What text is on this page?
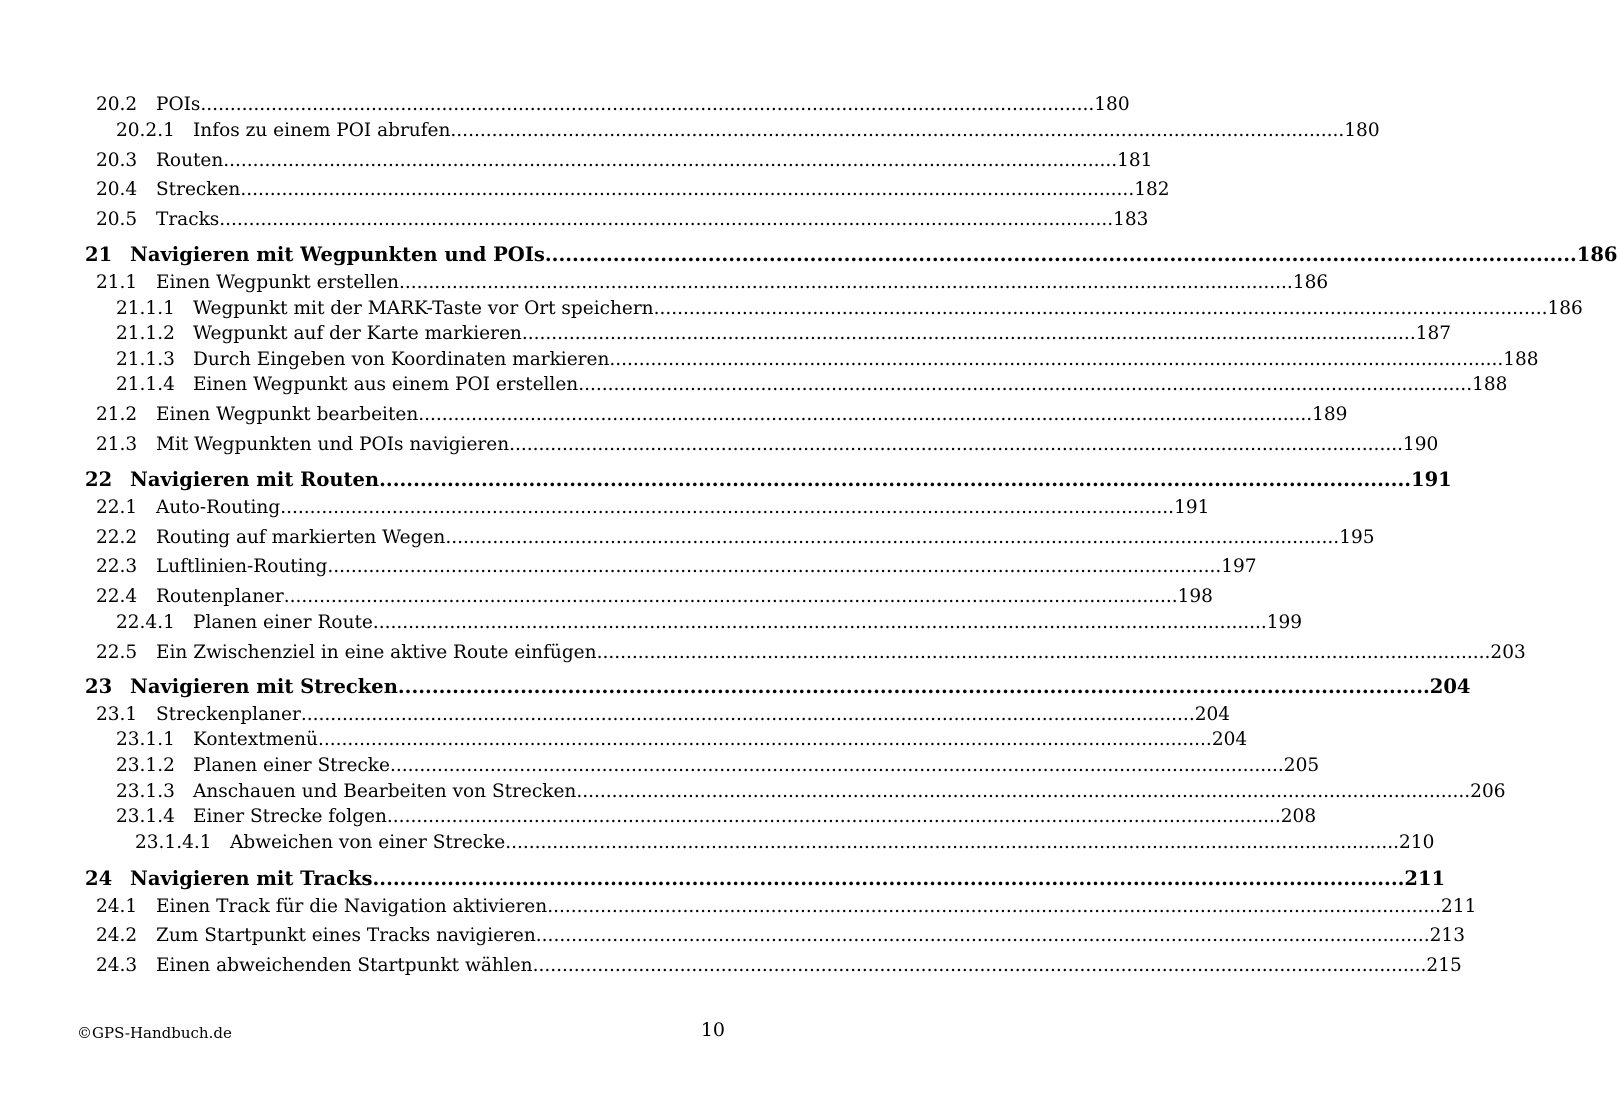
20.2	POIs .....	180
20.2.1 Infos zu einem POI abrufen .....	180
20.3	Routen .....	181
20.4	Strecken .....	182
20.5	Tracks .....	183
21 Navigieren mit Wegpunkten und POIs .....	186
21.1	Einen Wegpunkt erstellen .....	186
21.1.1 Wegpunkt mit der MARK-Taste vor Ort speichern .....	186
21.1.2 Wegpunkt auf der Karte markieren .....	187
21.1.3 Durch Eingeben von Koordinaten markieren .....	188
21.1.4 Einen Wegpunkt aus einem POI erstellen .....	188
21.2	Einen Wegpunkt bearbeiten .....	189
21.3	Mit Wegpunkten und POIs navigieren .....	190
22 Navigieren mit Routen .....	191
22.1	Auto-Routing .....	191
22.2	Routing auf markierten Wegen .....	195
22.3	Luftlinien-Routing .....	197
22.4	Routenplaner .....	198
22.4.1 Planen einer Route .....	199
22.5	Ein Zwischenziel in eine aktive Route einfügen .....	203
23 Navigieren mit Strecken .....	204
23.1	Streckenplaner .....	204
23.1.1 Kontextmenü .....	204
23.1.2 Planen einer Strecke .....	205
23.1.3 Anschauen und Bearbeiten von Strecken .....	206
23.1.4 Einer Strecke folgen .....	208
23.1.4.1	Abweichen von einer Strecke .....	210
24 Navigieren mit Tracks .....	211
24.1	Einen Track für die Navigation aktivieren .....	211
24.2	Zum Startpunkt eines Tracks navigieren .....	213
24.3	Einen abweichenden Startpunkt wählen .....	215
©GPS-Handbuch.de	10
